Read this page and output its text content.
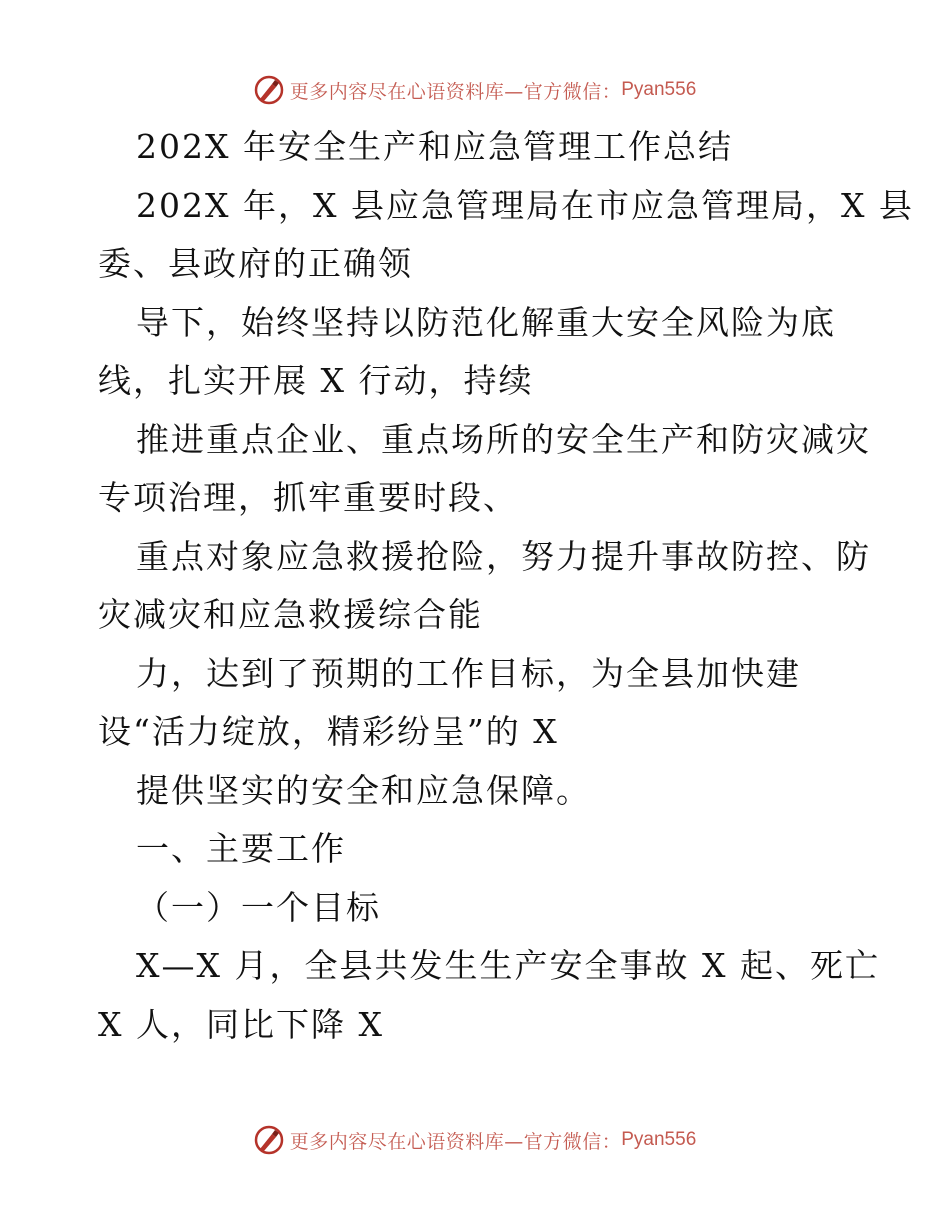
更多内容尽在心语资料库—官方微信： Pyan556
202X 年安全生产和应急管理工作总结
202X 年，X 县应急管理局在市应急管理局，X 县
委、县政府的正确领
导下，始终坚持以防范化解重大安全风险为底
线，扎实开展 X 行动，持续
推进重点企业、重点场所的安全生产和防灾减灾
专项治理，抓牢重要时段、
重点对象应急救援抢险，努力提升事故防控、防
灾减灾和应急救援综合能
力，达到了预期的工作目标，为全县加快建
设“活力绽放，精彩纷呈”的 X
提供坚实的安全和应急保障。
一、主要工作
（一）一个目标
X—X 月，全县共发生生产安全事故 X 起、死亡
X 人，同比下降 X
更多内容尽在心语资料库—官方微信： Pyan556
